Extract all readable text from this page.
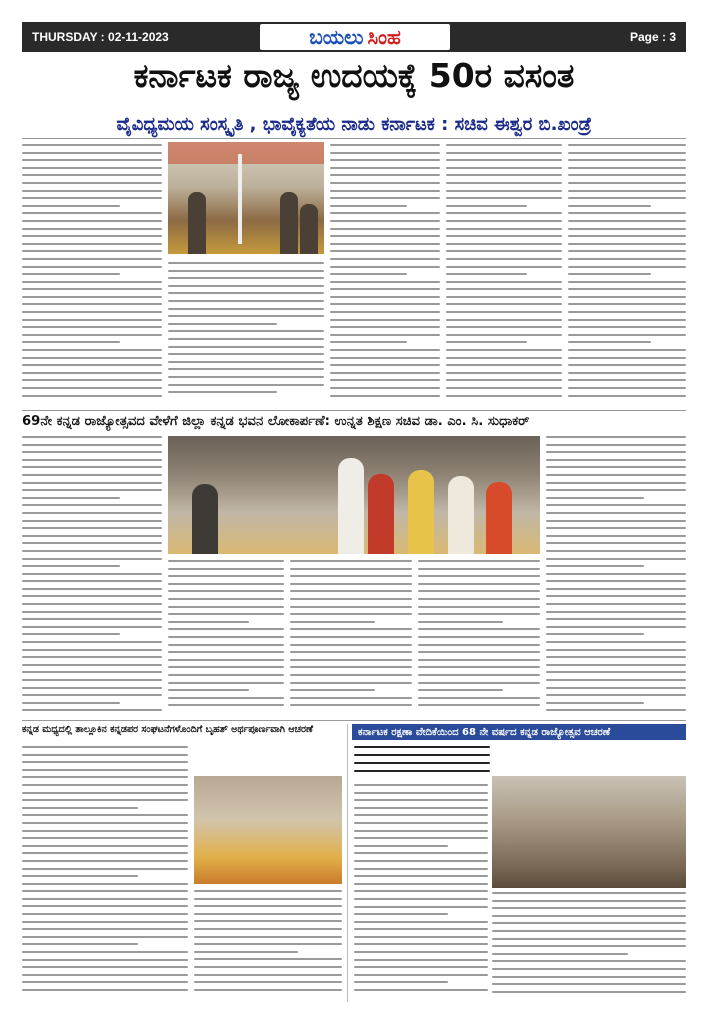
THURSDAY : 02-11-2023	Page : 3
ಬಯಲು ಸಿಂಹ
ಕರ್ನಾಟಕ ರಾಜ್ಯ ಉದಯಕ್ಕೆ 50ರ ವಸಂತ
ವೈವಿಧ್ಯಮಯ ಸಂಸ್ಕೃತಿ , ಭಾವೈಕ್ಯತೆಯ ನಾಡು ಕರ್ನಾಟಕ : ಸಚಿವ ಈಶ್ವರ ಬಿ.ಖಂಡ್ರೆ
69ನೇ ಕನ್ನಡ ರಾಜ್ಯೋತ್ಸವದ ವೇಳೆಗೆ ಜಿಲ್ಲಾ ಕನ್ನಡ ಭವನ ಲೋಕಾರ್ಪಣೆ: ಉನ್ನತ ಶಿಕ್ಷಣ ಸಚಿವ ಡಾ. ಎಂ. ಸಿ. ಸುಧಾಕರ್
ಕನ್ನಡ ಮಧ್ಯದಲ್ಲಿ ತಾಲ್ಲೂಕಿನ ಕನ್ನಡಪರ ಸಂಘಟನೆಗಳೊಂದಿಗೆ ಬೃಹತ್ ಅರ್ಥಪೂರ್ಣವಾಗಿ ಆಚರಣೆ	ಕರ್ನಾಟಕ ರಕ್ಷಣಾ ವೇದಿಕೆಯಿಂದ 68 ನೇ ವರ್ಷದ ಕನ್ನಡ ರಾಜ್ಯೋತ್ಸವ ಆಚರಣೆ
